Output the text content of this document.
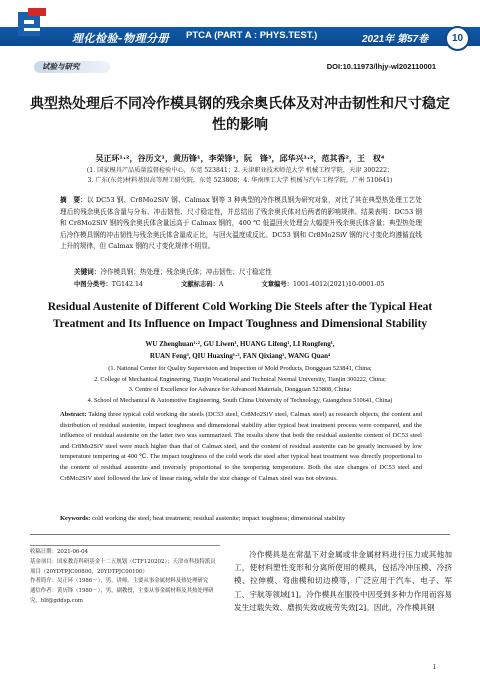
理化检验-物理分册 PTCA (PART A : PHYS.TEST.)	2021年 第57卷	10
试验与研究	DOI:10.11973/lhjy-wl202110001
典型热处理后不同冷作模具钢的残余奥氏体及对冲击韧性和尺寸稳定性的影响
吴正环¹·²，谷历文¹，黄历锋¹，李荣锋¹，阮　锋³，邱华兴¹·²，范其香²，王　权⁴
(1. 国家模具产品质量监督检验中心，东莞 523841；2. 天津职业技术师范大学 机械工程学院，天津 300222；
3. 广东(东莞)材料基因高等理工研究院，东莞 523808；4. 华南理工大学 机械与汽车工程学院，广州 510641)
摘　要：以 DC53 钢、Cr8Mo2SiV 钢、Calmax 钢等 3 种典型的冷作模具钢为研究对象，对比了其在典型热处理工艺处理后的残余奥氏体含量与分布、冲击韧性、尺寸稳定性，并总结出了残余奥氏体对后两者的影响规律。结果表明：DC53 钢和 Cr8Mo2SiV 钢的残余奥氏体含量远高于 Calmax 钢的，400 ℃ 低温回火处理会大幅提升残余奥氏体含量；典型热处理后冷作模具钢的冲击韧性与残余奥氏体含量成正比，与回火温度成反比。DC53 钢和 Cr8Mo2SiV 钢的尺寸变化均遵循直线上升的规律，但 Calmax 钢的尺寸变化规律不明显。
关键词：冷作模具钢；热处理；残余奥氏体；冲击韧性；尺寸稳定性
中图分类号：TG142.14	文献标志码：A	文章编号：1001-4012(2021)10-0001-05
Residual Austenite of Different Cold Working Die Steels after the Typical Heat Treatment and Its Influence on Impact Toughness and Dimensional Stability
WU Zhenghuan¹·², GU Liwen¹, HUANG Lifeng¹, LI Rongfeng¹,
RUAN Feng³, QIU Huaxing¹·², FAN Qixiang², WANG Quan⁴
(1. National Center for Quality Supervision and Inspection of Mold Products, Dongguan 523841, China;
2. College of Mechanical Engineering, Tianjin Vocational and Technical Normal University, Tianjin 300222, China;
3. Centre of Excellence for Advance for Advanced Materials, Dongguan 523808, China;
4. School of Mechanical & Automotive Engineering, South China University of Technology, Guangzhou 510641, China)
Abstract: Taking three typical cold working die steels (DC53 steel, Cr8Mo2SiV steel, Calmax steel) as research objects, the content and distribution of residual austenite, impact toughness and dimensional stability after typical heat treatment process were compared, and the influence of residual austenite on the latter two was summarized. The results show that both the residual austenite content of DC53 steel and Cr8Mo2SiV steel were much higher than that of Calmax steel, and the content of residual austenite can be greatly increased by low temperature tempering at 400 ℃. The impact toughness of the cold work die steel after typical heat treatment was directly proportional to the content of residual austenite and inversely proportional to the tempering temperature. Both the size changes of DC53 steel and Cr8Mo2SiV steel followed the law of linear rising, while the size change of Calmax steel was not obvious.
Keywords: cold working die steel; heat treatment; residual austenite; impact toughness; dimensional stability
收稿日期：2021-06-04
基金项目：国家教育科研基金十二五规划（CTF120202）；天津市科技特派员项目（20YDTPJC00800，20YDTPJC00100）
作者简介：吴正环（1986－），男，讲师，主要从事金属材料及热处理研究
通信作者：黄历锋（1980－），男，副教授，主要从事金属材料及其热处理研究，hlf@gddsp.com
冷作模具是在常温下对金属或非金属材料进行压力或其他加工，使材料塑性变形和分离所使用的模具，包括冷冲压模、冷挤模、拉伸模、弯曲模和切边模等，广泛应用于汽车、电子、军工、宇航等领域[1]。冷作模具在服役中因受到多种力作用而容易发生过载失效、磨损失效或疲劳失效[2]。因此，冷作模具钢
1
